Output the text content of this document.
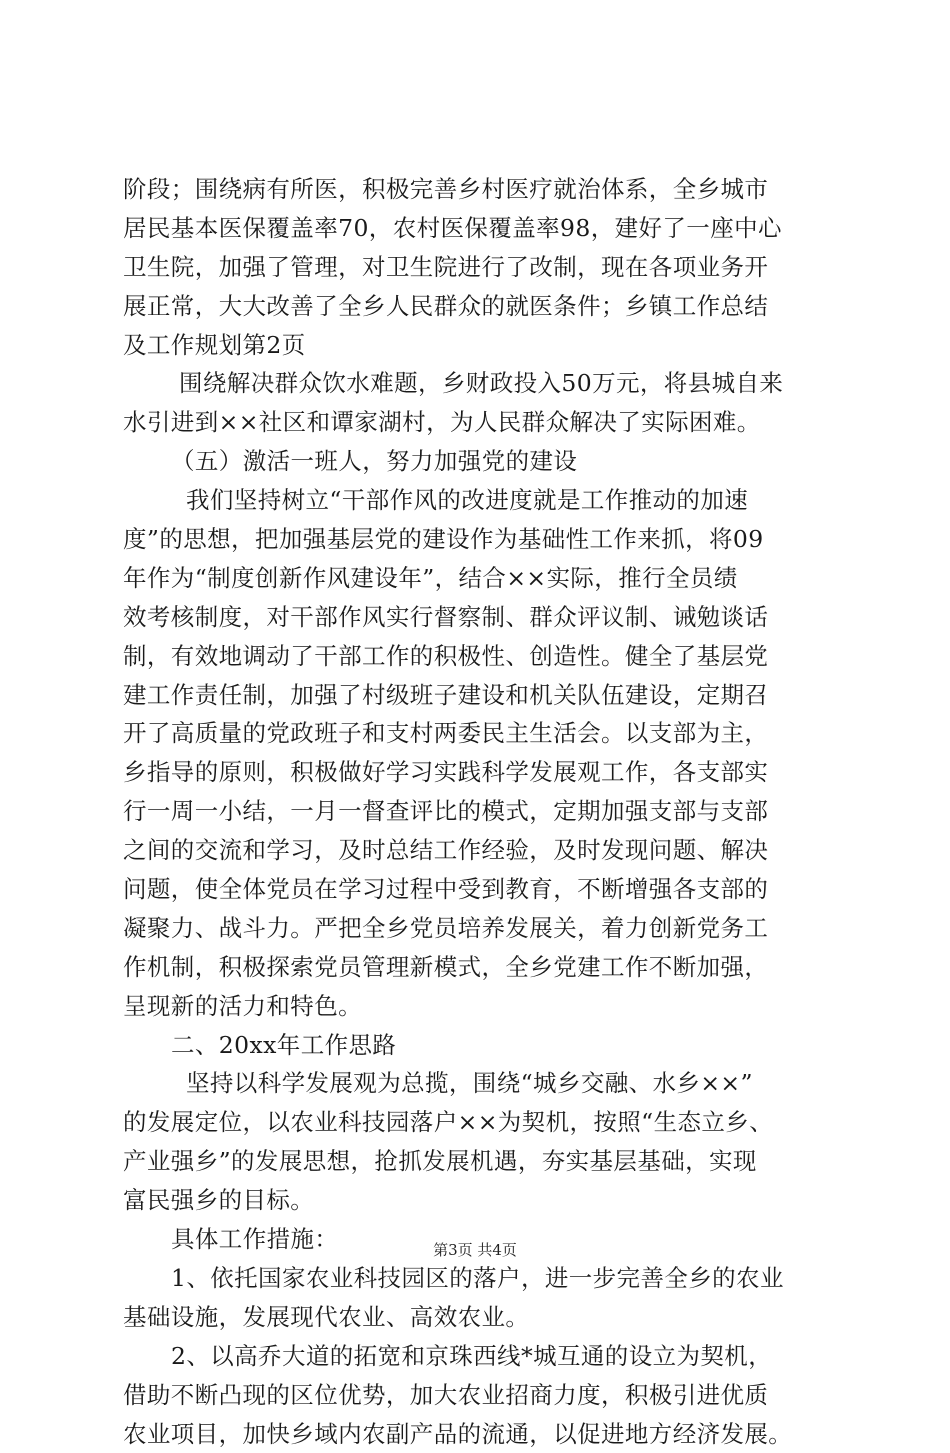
阶段；围绕病有所医，积极完善乡村医疗就治体系，全乡城市
居民基本医保覆盖率70，农村医保覆盖率98，建好了一座中心
卫生院，加强了管理，对卫生院进行了改制，现在各项业务开
展正常，大大改善了全乡人民群众的就医条件；乡镇工作总结
及工作规划第2页
围绕解决群众饮水难题，乡财政投入50万元，将县城自来
水引进到××社区和谭家湖村，为人民群众解决了实际困难。
（五）激活一班人，努力加强党的建设
我们坚持树立“干部作风的改进度就是工作推动的加速
度”的思想，把加强基层党的建设作为基础性工作来抓，将09
年作为“制度创新作风建设年”，结合××实际，推行全员绩
效考核制度，对干部作风实行督察制、群众评议制、诫勉谈话
制，有效地调动了干部工作的积极性、创造性。健全了基层党
建工作责任制，加强了村级班子建设和机关队伍建设，定期召
开了高质量的党政班子和支村两委民主生活会。以支部为主，
乡指导的原则，积极做好学习实践科学发展观工作，各支部实
行一周一小结，一月一督查评比的模式，定期加强支部与支部
之间的交流和学习，及时总结工作经验，及时发现问题、解决
问题，使全体党员在学习过程中受到教育，不断增强各支部的
凝聚力、战斗力。严把全乡党员培养发展关，着力创新党务工
作机制，积极探索党员管理新模式，全乡党建工作不断加强，
呈现新的活力和特色。
二、20xx年工作思路
坚持以科学发展观为总揽，围绕“城乡交融、水乡××”
的发展定位，以农业科技园落户××为契机，按照“生态立乡、
产业强乡”的发展思想，抢抓发展机遇，夯实基层基础，实现
富民强乡的目标。
具体工作措施：
1、依托国家农业科技园区的落户，进一步完善全乡的农业
基础设施，发展现代农业、高效农业。
2、以高乔大道的拓宽和京珠西线*城互通的设立为契机，
借助不断凸现的区位优势，加大农业招商力度，积极引进优质
农业项目，加快乡域内农副产品的流通，以促进地方经济发展。
第3页 共4页
